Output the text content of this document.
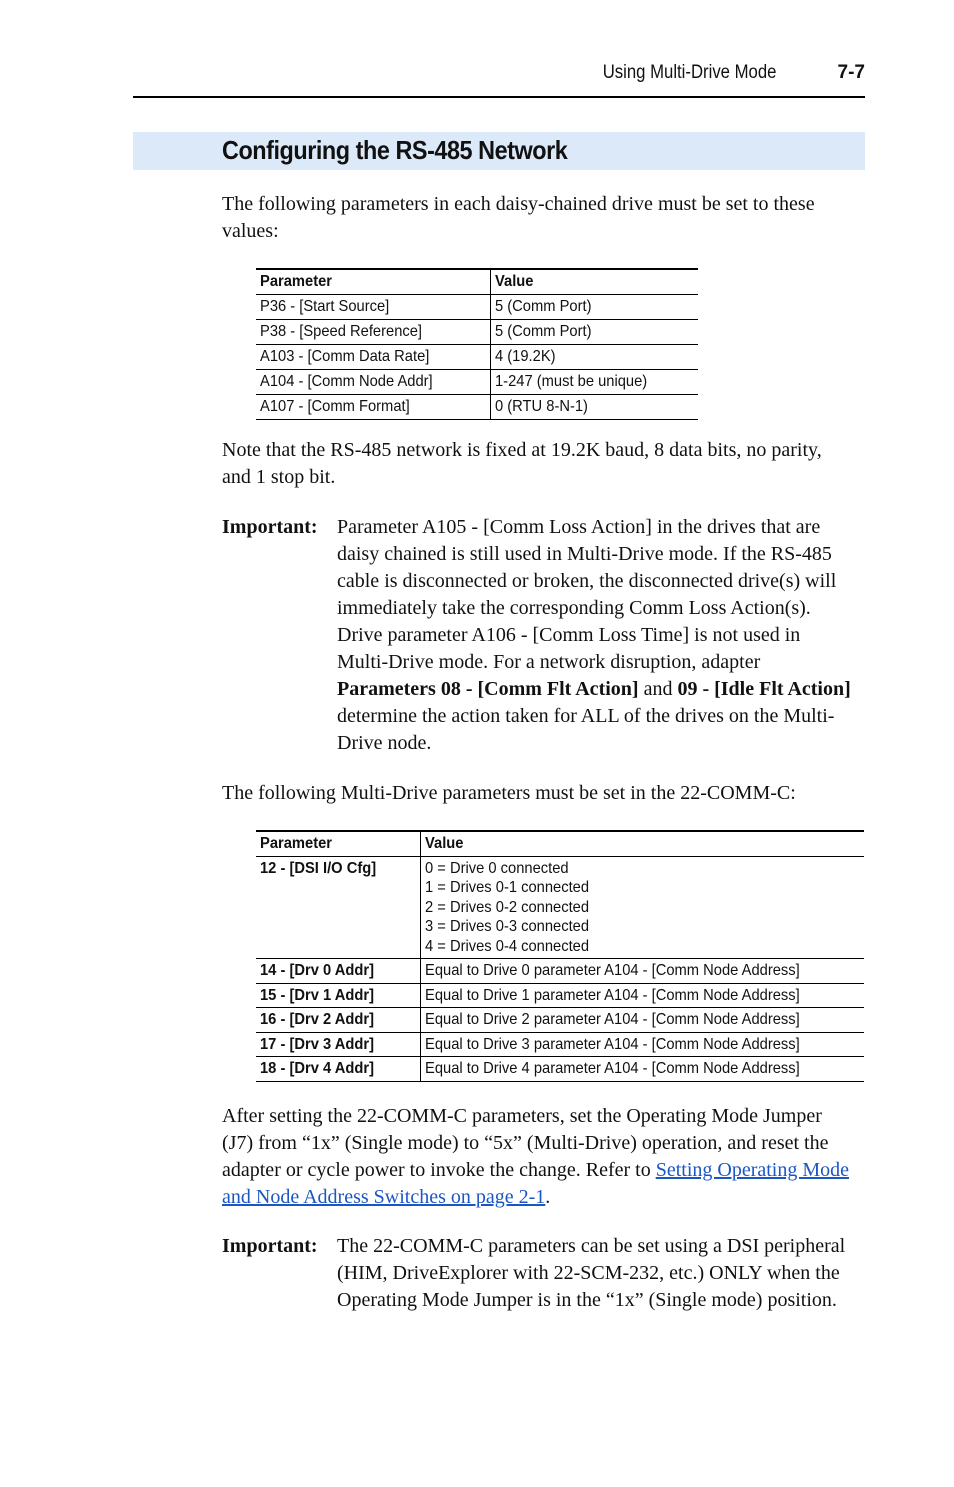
Using Multi-Drive Mode	7-7
Configuring the RS-485 Network

The following parameters in each daisy-chained drive must be set to these values:

Parameter	Value
P36 - [Start Source]	5 (Comm Port)
P38 - [Speed Reference]	5 (Comm Port)
A103 - [Comm Data Rate]	4 (19.2K)
A104 - [Comm Node Addr]	1-247 (must be unique)
A107 - [Comm Format]	0 (RTU 8-N-1)

Note that the RS-485 network is fixed at 19.2K baud, 8 data bits, no parity, and 1 stop bit.

Important: Parameter A105 - [Comm Loss Action] in the drives that are daisy chained is still used in Multi-Drive mode. If the RS-485 cable is disconnected or broken, the disconnected drive(s) will immediately take the corresponding Comm Loss Action(s). Drive parameter A106 - [Comm Loss Time] is not used in Multi-Drive mode. For a network disruption, adapter Parameters 08 - [Comm Flt Action] and 09 - [Idle Flt Action] determine the action taken for ALL of the drives on the Multi-Drive node.

The following Multi-Drive parameters must be set in the 22-COMM-C:

Parameter	Value
12 - [DSI I/O Cfg]	0 = Drive 0 connected
1 = Drives 0-1 connected
2 = Drives 0-2 connected
3 = Drives 0-3 connected
4 = Drives 0-4 connected
14 - [Drv 0 Addr]	Equal to Drive 0 parameter A104 - [Comm Node Address]
15 - [Drv 1 Addr]	Equal to Drive 1 parameter A104 - [Comm Node Address]
16 - [Drv 2 Addr]	Equal to Drive 2 parameter A104 - [Comm Node Address]
17 - [Drv 3 Addr]	Equal to Drive 3 parameter A104 - [Comm Node Address]
18 - [Drv 4 Addr]	Equal to Drive 4 parameter A104 - [Comm Node Address]

After setting the 22-COMM-C parameters, set the Operating Mode Jumper (J7) from “1x” (Single mode) to “5x” (Multi-Drive) operation, and reset the adapter or cycle power to invoke the change. Refer to Setting Operating Mode and Node Address Switches on page 2-1.

Important: The 22-COMM-C parameters can be set using a DSI peripheral (HIM, DriveExplorer with 22-SCM-232, etc.) ONLY when the Operating Mode Jumper is in the “1x” (Single mode) position.
